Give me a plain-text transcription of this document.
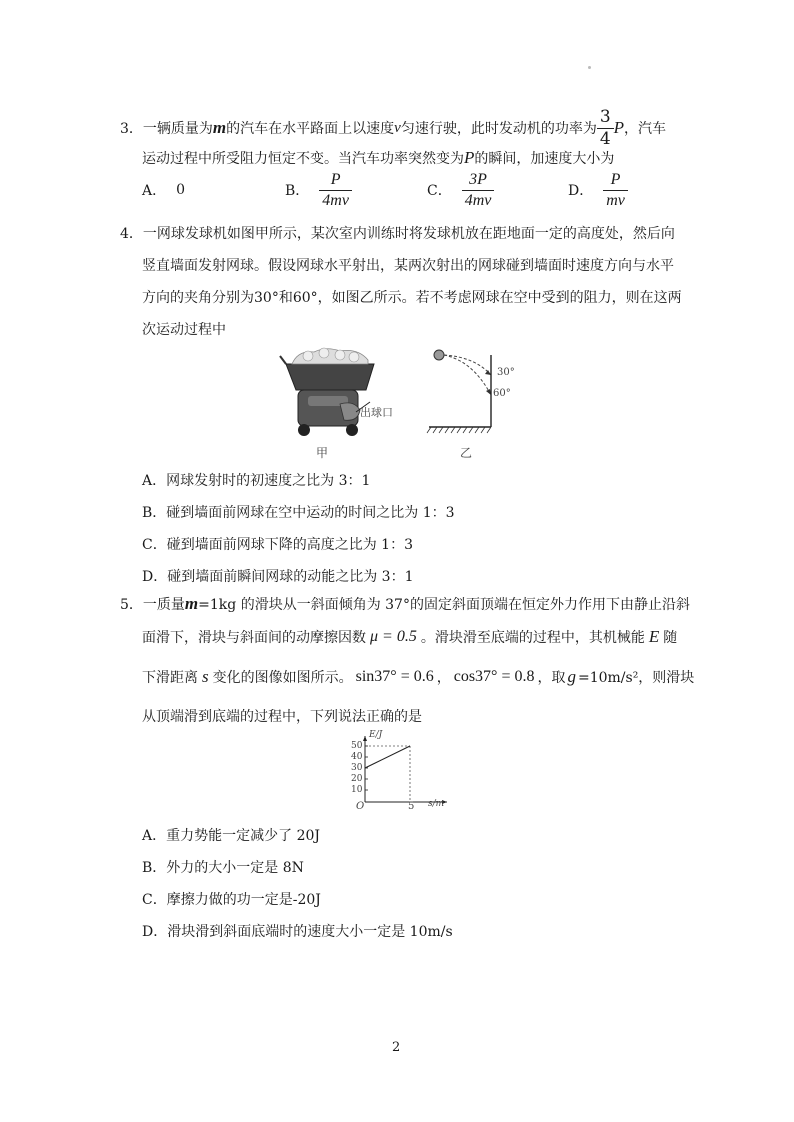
3． 一辆质量为 m 的汽车在水平路面上以速度 v 匀速行驶，此时发动机的功率为 $\frac{3}{4}$ P ，汽车
运动过程中所受阻力恒定不变。当汽车功率突然变为 P 的瞬间，加速度大小为
A． 0	B． $\frac{P}{4mv}$	C． $\frac{3P}{4mv}$	D． $\frac{P}{mv}$
4．一网球发球机如图甲所示，某次室内训练时将发球机放在距地面一定的高度处，然后向
竖直墙面发射网球。假设网球水平射出，某两次射出的网球碰到墙面时速度方向与水平
方向的夹角分别为30°和60°，如图乙所示。若不考虑网球在空中受到的阻力，则在这两
次运动过程中
出球口
甲
30°
60°
乙
A．网球发射时的初速度之比为 3：1
B．碰到墙面前网球在空中运动的时间之比为 1：3
C．碰到墙面前网球下降的高度之比为 1：3
D．碰到墙面前瞬间网球的动能之比为 3：1
5． 一质量 m =1kg 的滑块从一斜面倾角为 37°的固定斜面顶端在恒定外力作用下由静止沿斜
面滑下，滑块与斜面间的动摩擦因数 μ = 0.5 。滑块滑至底端的过程中，其机械能 E 随
下滑距离 s 变化的图像如图所示。 sin37° = 0.6 ， cos37° = 0.8 ，取 g =10m/s²，则滑块
从顶端滑到底端的过程中，下列说法正确的是
E/J
50
40
30
20
10
O	5 s/m
A．重力势能一定减少了 20J
B．外力的大小一定是 8N
C．摩擦力做的功一定是-20J
D．滑块滑到斜面底端时的速度大小一定是 10m/s
2
